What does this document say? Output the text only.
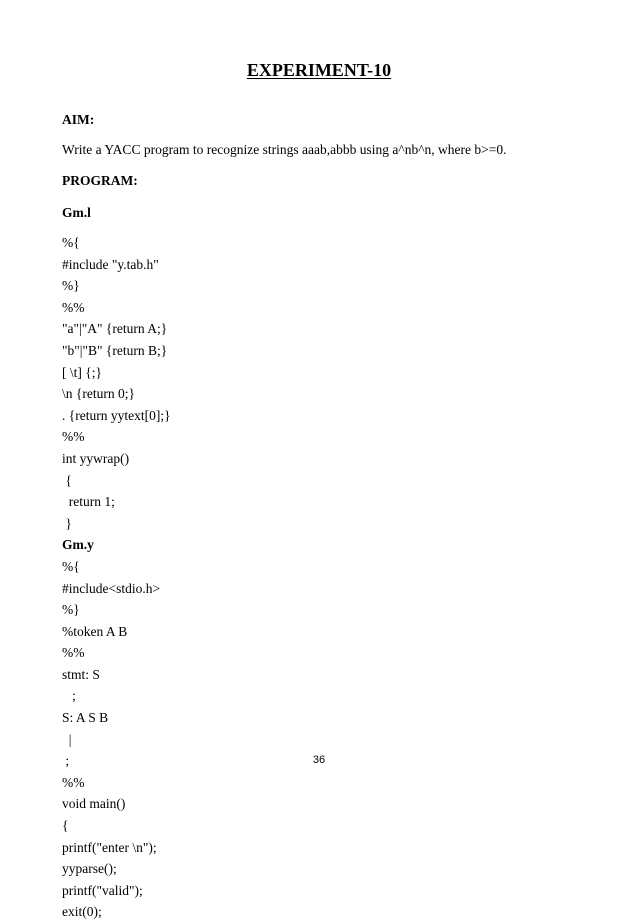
EXPERIMENT-10
AIM:
Write a YACC program to recognize strings aaab,abbb using a^nb^n, where b>=0.
PROGRAM:
Gm.l
%{
#include "y.tab.h"
%}
%%
"a"|"A" {return A;}
"b"|"B" {return B;}
[ \t] {;}
\n {return 0;}
. {return yytext[0];}
%%
int yywrap()
{
return 1;
}
Gm.y
%{
#include<stdio.h>
%}
%token A B
%%
stmt: S
;
S: A S B
|
;
%%
void main()
{
printf("enter \n");
yyparse();
printf("valid");
exit(0);
36
